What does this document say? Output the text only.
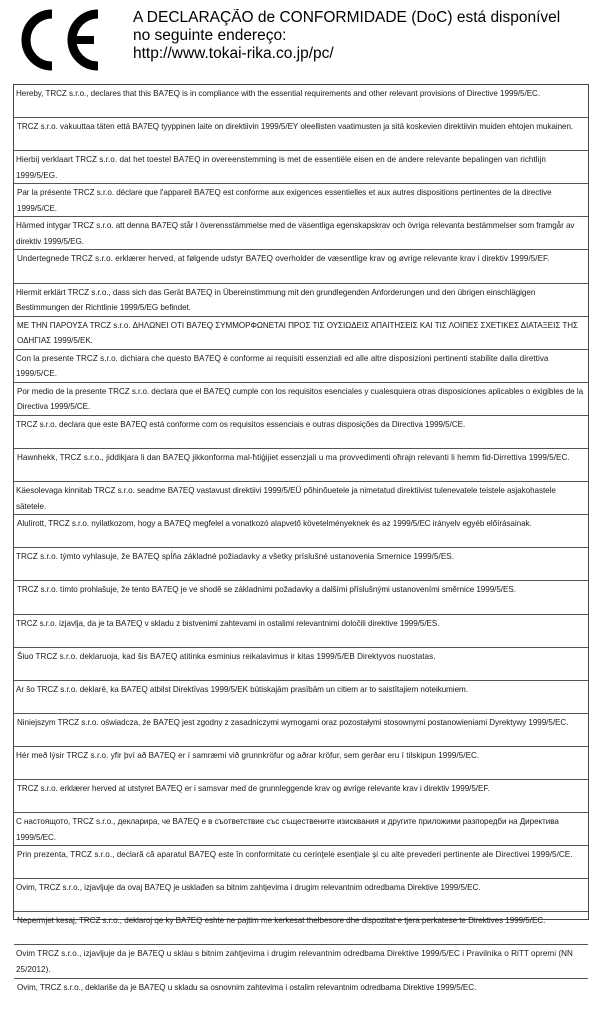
A DECLARAÇÃO de CONFORMIDADE (DoC) está disponível
no seguinte endereço:
http://www.tokai-rika.co.jp/pc/
Hereby, TRCZ s.r.o., declares that this BA7EQ is in compliance with the essential requirements and other relevant provisions of Directive 1999/5/EC.
TRCZ s.r.o. vakuuttaa täten että BA7EQ tyyppinen laite on direktiivin 1999/5/EY oleellisten vaatimusten ja sitä koskevien direktiivin muiden ehtojen mukainen.
Hierbij verklaart TRCZ s.r.o. dat het toestel BA7EQ in overeenstemming is met de essentiële eisen en de andere relevante bepalingen van richtlijn 1999/5/EG.
Par la présente TRCZ s.r.o. déclare que l'appareil BA7EQ est conforme aux exigences essentielles et aux autres dispositions pertinentes de la directive 1999/5/CE.
Härmed intygar TRCZ s.r.o. att denna BA7EQ står I överensstämmelse med de väsentliga egenskapskrav och övriga relevanta bestämmelser som framgår av direktiv 1999/5/EG.
Undertegnede TRCZ s.r.o. erklærer herved, at følgende udstyr BA7EQ overholder de væsentlige krav og øvrige relevante krav i direktiv 1999/5/EF.
Hiermit erklärt TRCZ s.r.o., dass sich das Gerät BA7EQ in Übereinstimmung mit den grundlegenden Anforderungen und den übrigen einschlägigen Bestimmungen der Richtlinie 1999/5/EG befindet.
ΜΕ ΤΗΝ ΠΑΡΟΥΣΑ TRCZ s.r.o. ΔΗΛΩΝΕΙ ΟΤΙ BA7EQ ΣΥΜΜΟΡΦΩΝΕΤΑΙ ΠΡΟΣ ΤΙΣ ΟΥΣΙΩΔΕΙΣ ΑΠΑΙΤΗΣΕΙΣ ΚΑΙ ΤΙΣ ΛΟΙΠΕΣ ΣΧΕΤΙΚΕΣ ΔΙΑΤΑΞΕΙΣ ΤΗΣ ΟΔΗΓΙΑΣ 1999/5/ΕΚ.
Con la presente TRCZ s.r.o. dichiara che questo BA7EQ è conforme ai requisiti essenziali ed alle altre disposizioni pertinenti stabilite dalla direttiva 1999/5/CE.
Por medio de la presente TRCZ s.r.o. declara que el BA7EQ cumple con los requisitos esenciales y cualesquiera otras disposiciones aplicables o exigibles de la Directiva 1999/5/CE.
TRCZ s.r.o. declara que este BA7EQ está conforme com os requisitos essenciais e outras disposições da Directiva 1999/5/CE.
Hawnhekk, TRCZ s.r.o., jiddikjara li dan BA7EQ jikkonforma mal-ħtiġijiet essenzjali u ma provvedimenti oħrajn relevanti li hemm fid-Dirrettiva 1999/5/EC.
Käesolevaga kinnitab TRCZ s.r.o. seadme BA7EQ vastavust direktiivi 1999/5/EÜ põhinõuetele ja nimetatud direktiivist tulenevatele teistele asjakohastele sätetele.
Alulírott, TRCZ s.r.o. nyilatkozom, hogy a BA7EQ megfelel a vonatkozó alapvető követelményeknek és az 1999/5/EC irányelv egyéb előírásainak.
TRCZ s.r.o. týmto vyhlasuje, že BA7EQ spĺňa základné požiadavky a všetky príslušné ustanovenia Smernice 1999/5/ES.
TRCZ s.r.o. tímto prohlašuje, že tento BA7EQ je ve shodě se základními požadavky a dalšími příslušnými ustanoveními směrnice 1999/5/ES.
TRCZ s.r.o. izjavlja, da je ta BA7EQ v skladu z bistvenimi zahtevami in ostalimi relevantnimi določili direktive 1999/5/ES.
Šiuo TRCZ s.r.o. deklaruoja, kad šis BA7EQ atitinka esminius reikalavimus ir kitas 1999/5/EB Direktyvos nuostatas.
Ar šo TRCZ s.r.o. deklarē, ka BA7EQ atbilst Direktīvas 1999/5/EK būtiskajām prasībām un citiem ar to saistītajiem noteikumiem.
Niniejszym TRCZ s.r.o. oświadcza, że BA7EQ jest zgodny z zasadniczymi wymogami oraz pozostałymi stosownymi postanowieniami Dyrektywy 1999/5/EC.
Hér með lýsir TRCZ s.r.o. yfir því að BA7EQ er í samræmi við grunnkröfur og aðrar kröfur, sem gerðar eru í tilskipun 1999/5/EC.
TRCZ s.r.o. erklærer herved at utstyret BA7EQ er i samsvar med de grunnleggende krav og øvrige relevante krav i direktiv 1999/5/EF.
С настоящото, TRCZ s.r.o., декларира, че BA7EQ е в съответствие със съществените изисквания и другите приложими разпоредби на Директива 1999/5/EC.
Prin prezenta, TRCZ s.r.o., declară că aparatul BA7EQ este în conformitate cu cerinţele esenţiale şi cu alte prevederi pertinente ale Directivei 1999/5/CE.
Ovim, TRCZ s.r.o., izjavljuje da ovaj BA7EQ je usklađen sa bitnim zahtjevima i drugim relevantnim odredbama Direktive 1999/5/EC.
Nepermjet kesaj, TRCZ s.r.o., deklaroj qe ky BA7EQ eshte ne pajtim me kerkesat thelbesore dhe dispozitat e tjera perkatese te Direktives 1999/5/EC.
Ovim TRCZ s.r.o., izjavljuje da je BA7EQ u sklau s bitnim zahtjevima i drugim relevantnim odredbama Direktive 1999/5/EC i Pravilnika o RiTT opremi (NN 25/2012).
Ovim, TRCZ s.r.o., deklariše da je BA7EQ u skladu sa osnovnim zahtevima i ostalim relevantnim odredbama Direktive 1999/5/EC.
